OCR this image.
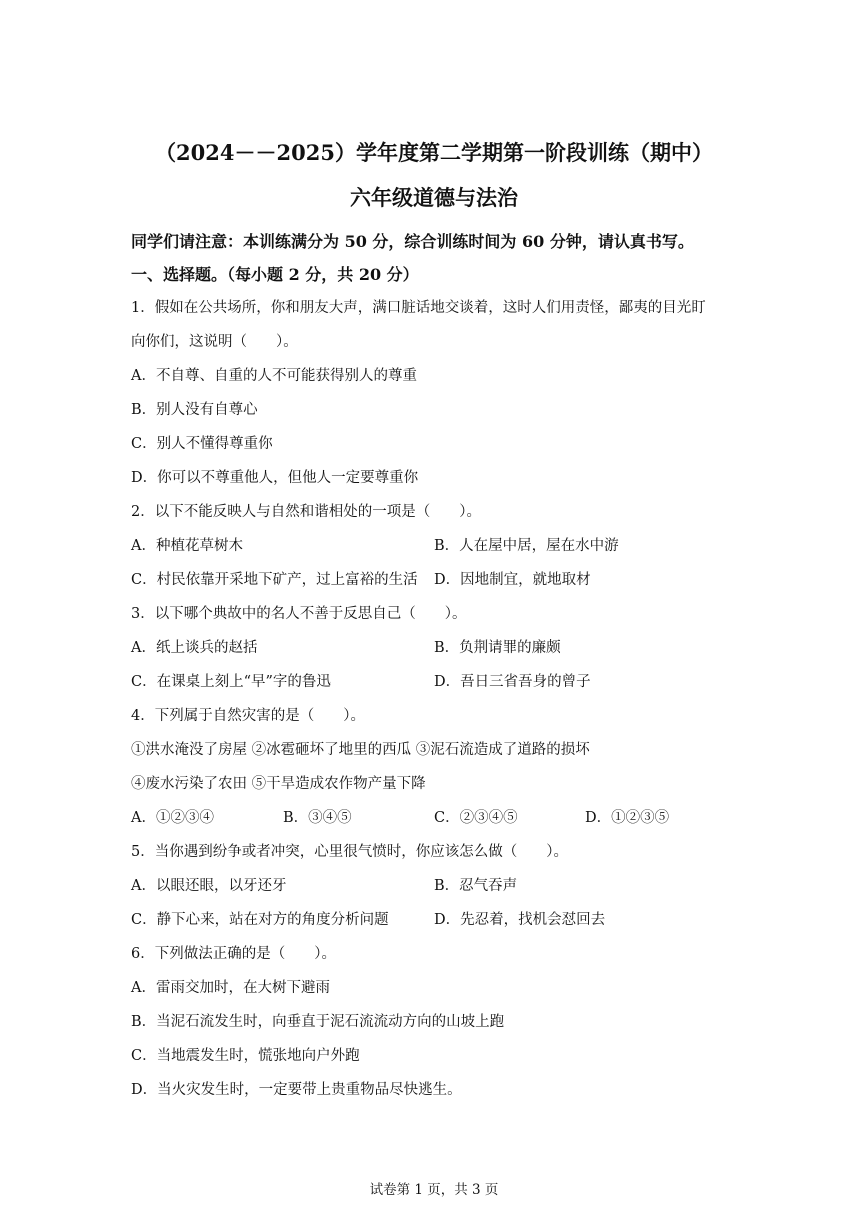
（2024－－2025）学年度第二学期第一阶段训练（期中）
六年级道德与法治
同学们请注意：本训练满分为 50 分，综合训练时间为 60 分钟，请认真书写。
一、选择题。（每小题 2 分，共 20 分）
1．假如在公共场所，你和朋友大声，满口脏话地交谈着，这时人们用责怪，鄙夷的目光盯
向你们，这说明（　　）。
A．不自尊、自重的人不可能获得别人的尊重
B．别人没有自尊心
C．别人不懂得尊重你
D．你可以不尊重他人，但他人一定要尊重你
2．以下不能反映人与自然和谐相处的一项是（　　）。
A．种植花草树木	B．人在屋中居，屋在水中游
C．村民依靠开采地下矿产，过上富裕的生活 D．因地制宜，就地取材
3．以下哪个典故中的名人不善于反思自己（　　）。
A．纸上谈兵的赵括	B．负荆请罪的廉颇
C．在课桌上刻上“早”字的鲁迅	D．吾日三省吾身的曾子
4．下列属于自然灾害的是（　　）。
①洪水淹没了房屋 ②冰雹砸坏了地里的西瓜 ③泥石流造成了道路的损坏
④废水污染了农田 ⑤干旱造成农作物产量下降
A．①②③④	B．③④⑤	C．②③④⑤	D．①②③⑤
5．当你遇到纷争或者冲突，心里很气愤时，你应该怎么做（　　）。
A．以眼还眼，以牙还牙	B．忍气吞声
C．静下心来，站在对方的角度分析问题	D．先忍着，找机会怼回去
6．下列做法正确的是（　　）。
A．雷雨交加时，在大树下避雨
B．当泥石流发生时，向垂直于泥石流流动方向的山坡上跑
C．当地震发生时，慌张地向户外跑
D．当火灾发生时，一定要带上贵重物品尽快逃生。
试卷第 1 页，共 3 页
